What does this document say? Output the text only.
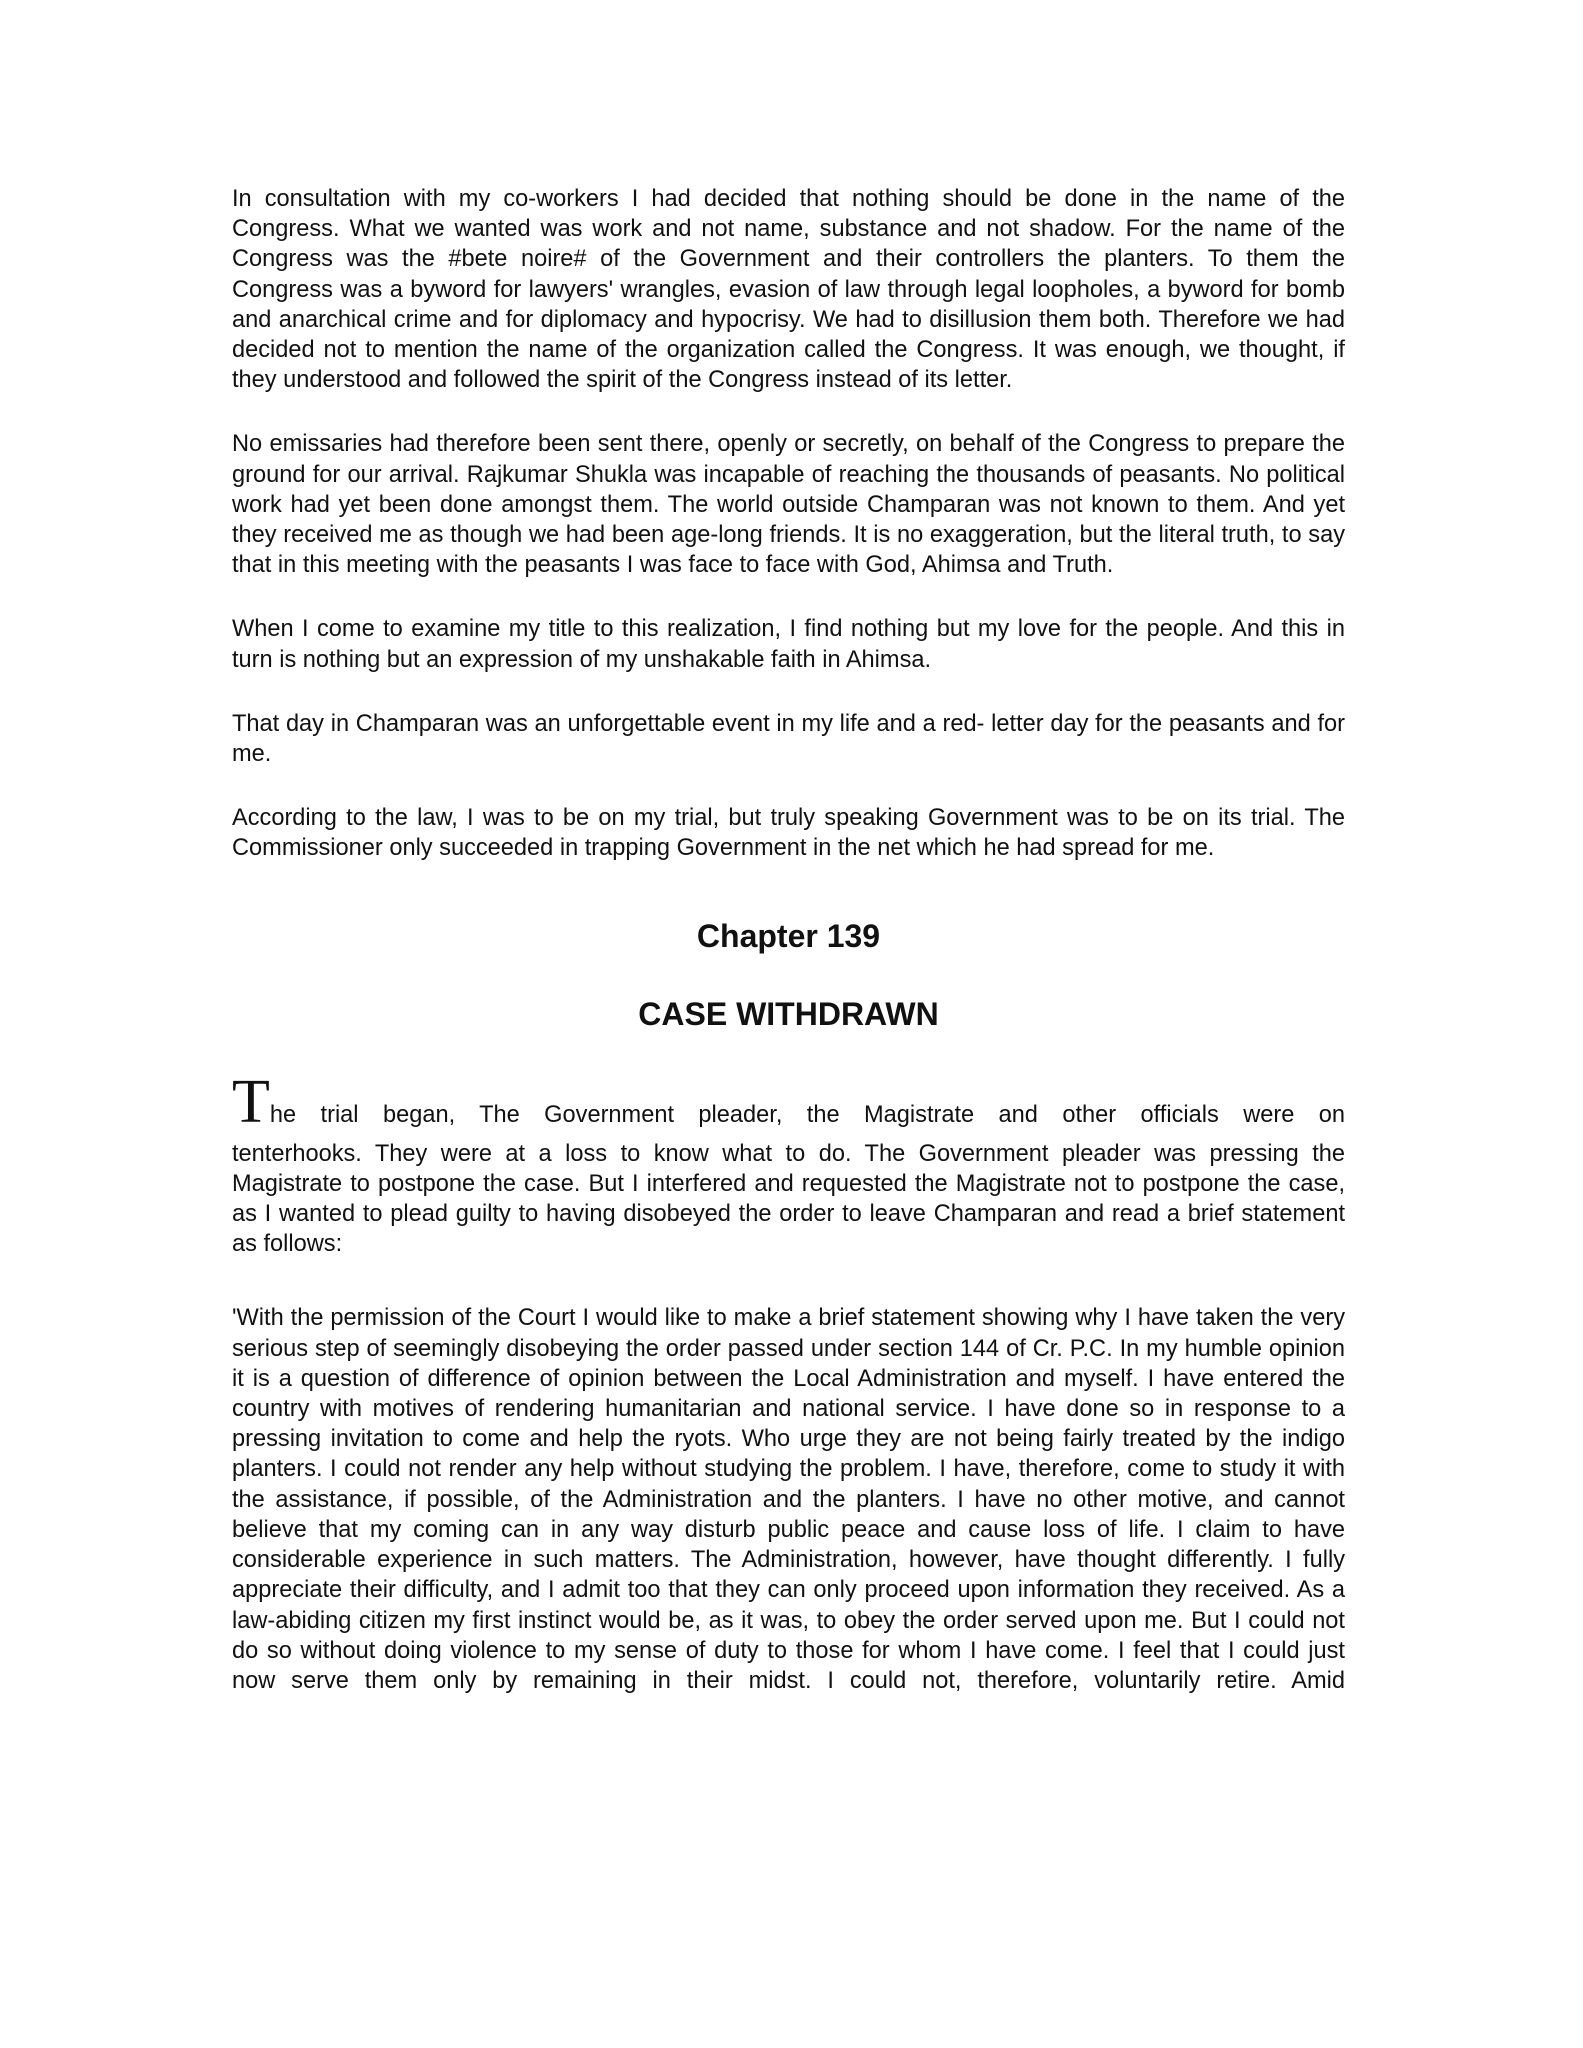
In consultation with my co-workers I had decided that nothing should be done in the name of the Congress. What we wanted was work and not name, substance and not shadow. For the name of the Congress was the #bete noire# of the Government and their controllers the planters. To them the Congress was a byword for lawyers' wrangles, evasion of law through legal loopholes, a byword for bomb and anarchical crime and for diplomacy and hypocrisy. We had to disillusion them both. Therefore we had decided not to mention the name of the organization called the Congress. It was enough, we thought, if they understood and followed the spirit of the Congress instead of its letter.

No emissaries had therefore been sent there, openly or secretly, on behalf of the Congress to prepare the ground for our arrival. Rajkumar Shukla was incapable of reaching the thousands of peasants. No political work had yet been done amongst them. The world outside Champaran was not known to them. And yet they received me as though we had been age-long friends. It is no exaggeration, but the literal truth, to say that in this meeting with the peasants I was face to face with God, Ahimsa and Truth.

When I come to examine my title to this realization, I find nothing but my love for the people. And this in turn is nothing but an expression of my unshakable faith in Ahimsa.

That day in Champaran was an unforgettable event in my life and a red- letter day for the peasants and for me.

According to the law, I was to be on my trial, but truly speaking Government was to be on its trial. The Commissioner only succeeded in trapping Government in the net which he had spread for me.

Chapter 139
CASE WITHDRAWN
The trial began, The Government pleader, the Magistrate and other officials were on
tenterhooks. They were at a loss to know what to do. The Government pleader was pressing the Magistrate to postpone the case. But I interfered and requested the Magistrate not to postpone the case, as I wanted to plead guilty to having disobeyed the order to leave Champaran and read a brief statement as follows:

'With the permission of the Court I would like to make a brief statement showing why I have taken the very serious step of seemingly disobeying the order passed under section 144 of Cr. P.C. In my humble opinion it is a question of difference of opinion between the Local Administration and myself. I have entered the country with motives of rendering humanitarian and national service. I have done so in response to a pressing invitation to come and help the ryots. Who urge they are not being fairly treated by the indigo planters. I could not render any help without studying the problem. I have, therefore, come to study it with the assistance, if possible, of the Administration and the planters. I have no other motive, and cannot believe that my coming can in any way disturb public peace and cause loss of life. I claim to have considerable experience in such matters. The Administration, however, have thought differently. I fully appreciate their difficulty, and I admit too that they can only proceed upon information they received. As a law-abiding citizen my first instinct would be, as it was, to obey the order served upon me. But I could not do so without doing violence to my sense of duty to those for whom I have come. I feel that I could just now serve them only by remaining in their midst. I could not, therefore, voluntarily retire. Amid
